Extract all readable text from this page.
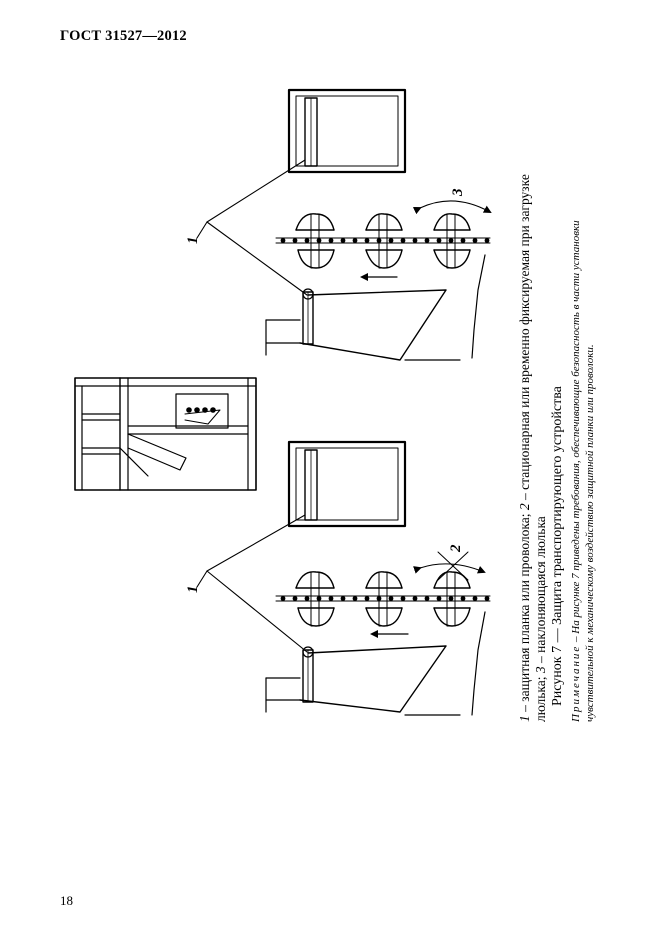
ГОСТ 31527—2012
1
3
1
2
1 – защитная планка или проволока; 2 – стационарная или временно фиксируемая при загрузке
люлька; 3 – наклоняющаяся люлька Рисунок 7 — Защита транспортирующего устройства Примечание – На рисунке 7 приведены требования, обеспечивающие безопасность в части установки чувствительной к механическому воздействию защитной планки или проволоки.
18
